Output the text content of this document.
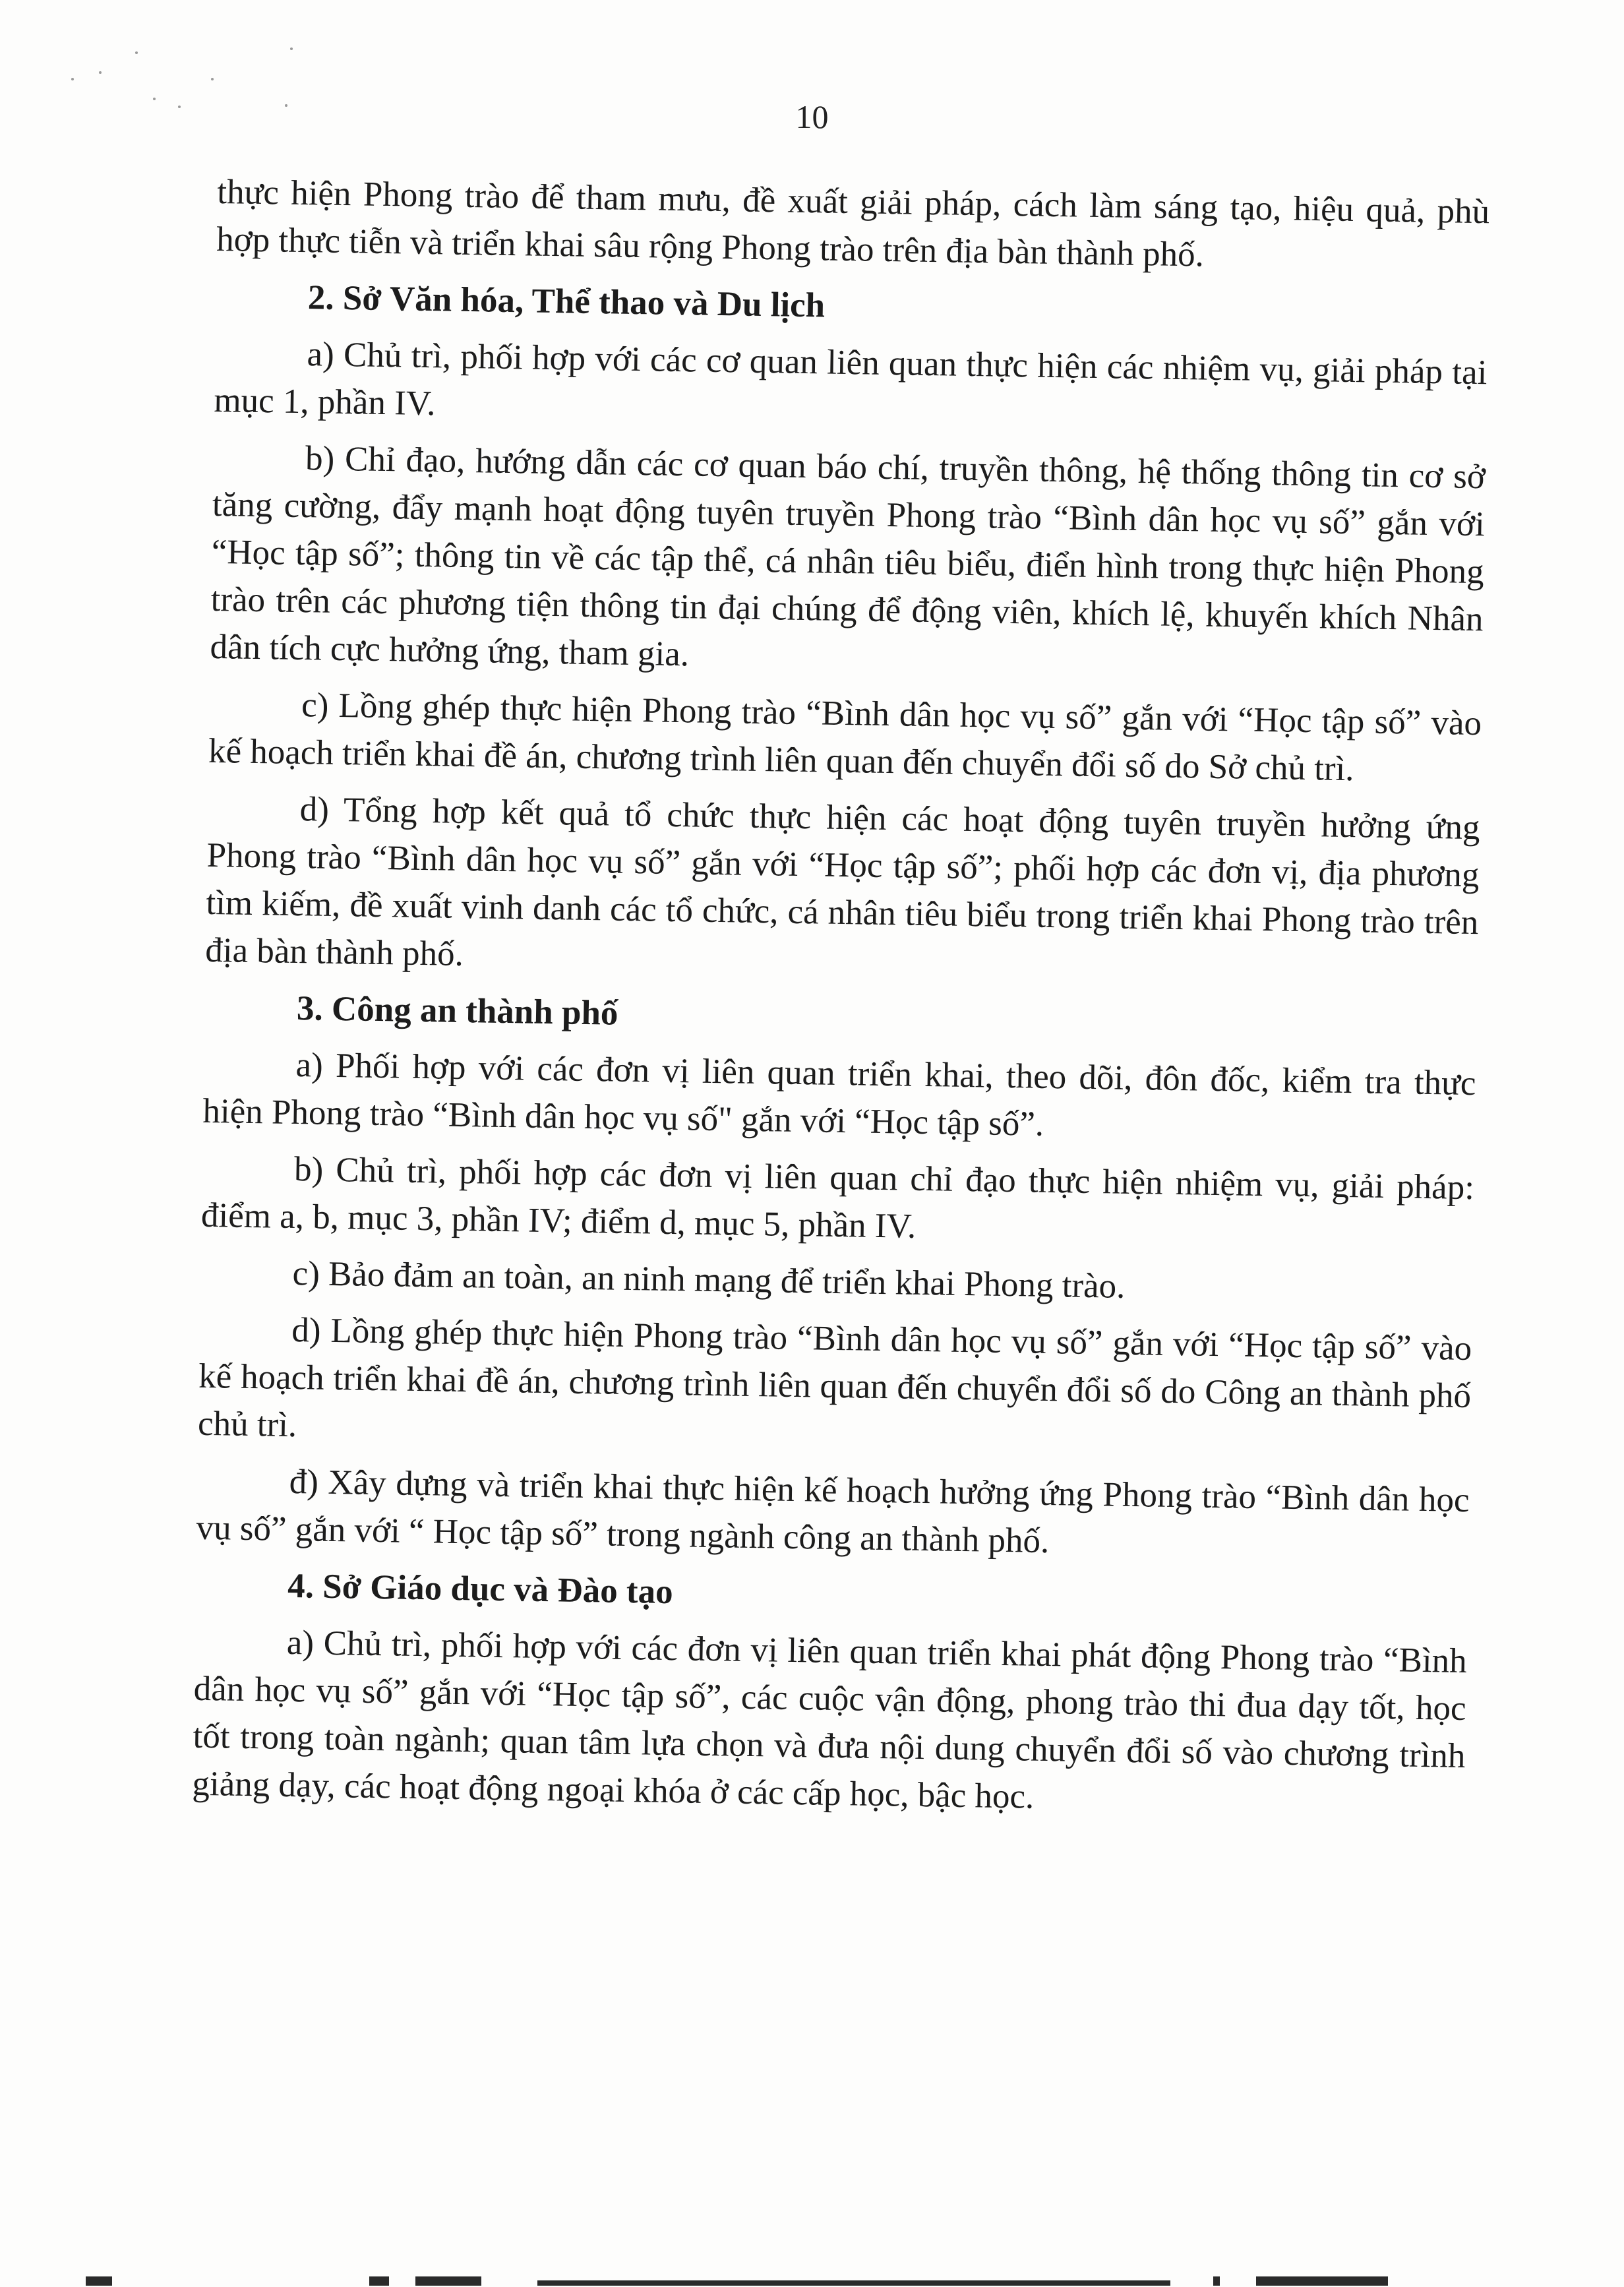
10
thực hiện Phong trào để tham mưu, đề xuất giải pháp, cách làm sáng tạo, hiệu quả, phù hợp thực tiễn và triển khai sâu rộng Phong trào trên địa bàn thành phố.
2. Sở Văn hóa, Thể thao và Du lịch
a) Chủ trì, phối hợp với các cơ quan liên quan thực hiện các nhiệm vụ, giải pháp tại mục 1, phần IV.
b) Chỉ đạo, hướng dẫn các cơ quan báo chí, truyền thông, hệ thống thông tin cơ sở tăng cường, đẩy mạnh hoạt động tuyên truyền Phong trào “Bình dân học vụ số” gắn với “Học tập số”; thông tin về các tập thể, cá nhân tiêu biểu, điển hình trong thực hiện Phong trào trên các phương tiện thông tin đại chúng để động viên, khích lệ, khuyến khích Nhân dân tích cực hưởng ứng, tham gia.
c) Lồng ghép thực hiện Phong trào “Bình dân học vụ số” gắn với “Học tập số” vào kế hoạch triển khai đề án, chương trình liên quan đến chuyển đổi số do Sở chủ trì.
d) Tổng hợp kết quả tổ chức thực hiện các hoạt động tuyên truyền hưởng ứng Phong trào “Bình dân học vụ số” gắn với “Học tập số”; phối hợp các đơn vị, địa phương tìm kiếm, đề xuất vinh danh các tổ chức, cá nhân tiêu biểu trong triển khai Phong trào trên địa bàn thành phố.
3. Công an thành phố
a) Phối hợp với các đơn vị liên quan triển khai, theo dõi, đôn đốc, kiểm tra thực hiện Phong trào “Bình dân học vụ số" gắn với “Học tập số”.
b) Chủ trì, phối hợp các đơn vị liên quan chỉ đạo thực hiện nhiệm vụ, giải pháp: điểm a, b, mục 3, phần IV; điểm d, mục 5, phần IV.
c) Bảo đảm an toàn, an ninh mạng để triển khai Phong trào.
d) Lồng ghép thực hiện Phong trào “Bình dân học vụ số” gắn với “Học tập số” vào kế hoạch triển khai đề án, chương trình liên quan đến chuyển đổi số do Công an thành phố chủ trì.
đ) Xây dựng và triển khai thực hiện kế hoạch hưởng ứng Phong trào “Bình dân học vụ số” gắn với “ Học tập số” trong ngành công an thành phố.
4. Sở Giáo dục và Đào tạo
a) Chủ trì, phối hợp với các đơn vị liên quan triển khai phát động Phong trào “Bình dân học vụ số” gắn với “Học tập số”, các cuộc vận động, phong trào thi đua dạy tốt, học tốt trong toàn ngành; quan tâm lựa chọn và đưa nội dung chuyển đổi số vào chương trình giảng dạy, các hoạt động ngoại khóa ở các cấp học, bậc học.
